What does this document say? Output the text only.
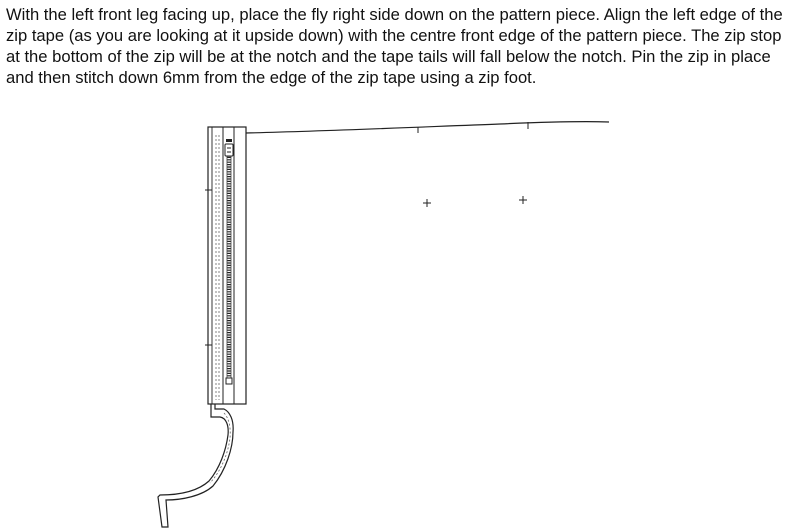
With the left front leg facing up, place the fly right side down on the pattern piece. Align the left edge of the zip tape (as you are looking at it upside down) with the centre front edge of the pattern piece. The zip stop at the bottom of the zip will be at the notch and the tape tails will fall below the notch. Pin the zip in place and then stitch down 6mm from the edge of the zip tape using a zip foot.
